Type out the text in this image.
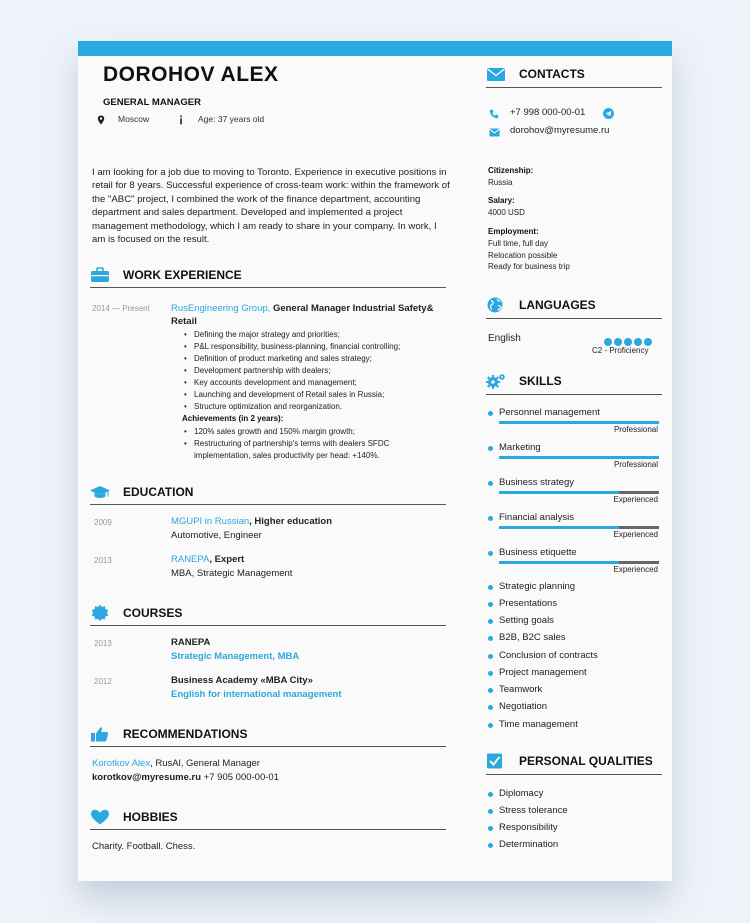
DOROHOV ALEX
GENERAL MANAGER
Moscow	Age: 37 years old
I am looking for a job due to moving to Toronto. Experience in executive positions in retail for 8 years. Successful experience of cross-team work: within the framework of the "ABC" project, I combined the work of the finance department, accounting department and sales department. Developed and implemented a project management methodology, which I am ready to share in your company. In work, I am is focused on the result.
WORK EXPERIENCE
2014 — Present RusEngineering Group, General Manager Industrial Safety& Retail
• Defining the major strategy and priorities;
• P&L responsibility, business-planning, financial controlling;
• Definition of product marketing and sales strategy;
• Development partnership with dealers;
• Key accounts development and management;
• Launching and development of Retail sales in Russia;
• Structure optimization and reorganization.
Achievements (in 2 years):
• 120% sales growth and 150% margin growth;
• Restructuring of partnership's terms with dealers SFDC implementation, sales productivity per head: +140%.
EDUCATION
2009	MGUPI in Russian, Higher education
Automotive, Engineer
2013	RANEPA, Expert
MBA, Strategic Management
COURSES
2013	RANEPA
Strategic Management, MBA
2012	Business Academy «MBA City»
English for international management
RECOMMENDATIONS
Korotkov Alex, RusAl, General Manager
korotkov@myresume.ru +7 905 000-00-01
HOBBIES
Charity. Football. Chess.
CONTACTS
+7 998 000-00-01
dorohov@myresume.ru
Citizenship:
Russia
Salary:
4000 USD
Employment:
Full time, full day
Relocation possible
Ready for business trip
LANGUAGES
English
C2 - Proficiency
SKILLS
Personnel management
Professional
Marketing
Professional
Business strategy
Experienced
Financial analysis
Experienced
Business etiquette
Experienced
Strategic planning
Presentations
Setting goals
B2B, B2C sales
Conclusion of contracts
Project management
Teamwork
Negotiation
Time management
PERSONAL QUALITIES
Diplomacy
Stress tolerance
Responsibility
Determination
